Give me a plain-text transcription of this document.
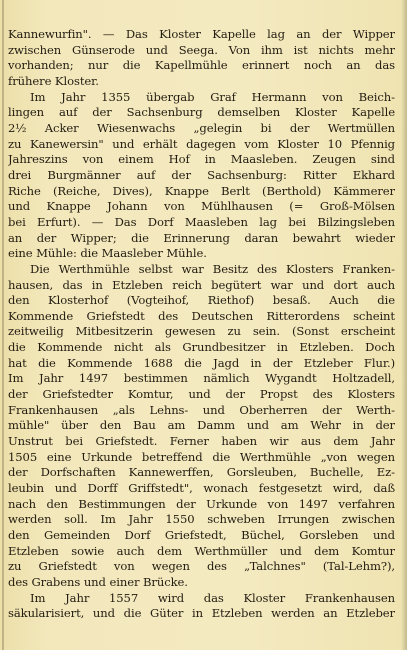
Kannewurfin". — Das Kloster Kapelle lag an der Wipper
zwischen Günserode und Seega. Von ihm ist nichts mehr
vorhanden; nur die Kapellmühle erinnert noch an das
frühere Kloster.
Im Jahr 1355 übergab Graf Hermann von Beich-
lingen auf der Sachsenburg demselben Kloster Kapelle
2½ Acker Wiesenwachs „gelegin bi der Wertmüllen
zu Kanewersin" und erhält dagegen vom Kloster 10 Pfennig
Jahreszins von einem Hof in Maasleben. Zeugen sind
drei Burgmänner auf der Sachsenburg: Ritter Ekhard
Riche (Reiche, Dives), Knappe Berlt (Berthold) Kämmerer
und Knappe Johann von Mühlhausen (= Groß-Mölsen
bei Erfurt). — Das Dorf Maasleben lag bei Bilzingsleben
an der Wipper; die Erinnerung daran bewahrt wieder
eine Mühle: die Maasleber Mühle.
Die Werthmühle selbst war Besitz des Klosters Franken-
hausen, das in Etzleben reich begütert war und dort auch
den Klosterhof (Vogteihof, Riethof) besaß. Auch die
Kommende Griefstedt des Deutschen Ritterordens scheint
zeitweilig Mitbesitzerin gewesen zu sein. (Sonst erscheint
die Kommende nicht als Grundbesitzer in Etzleben. Doch
hat die Kommende 1688 die Jagd in der Etzleber Flur.)
Im Jahr 1497 bestimmen nämlich Wygandt Holtzadell,
der Griefstedter Komtur, und der Propst des Klosters
Frankenhausen „als Lehns- und Oberherren der Werth-
mühle" über den Bau am Damm und am Wehr in der
Unstrut bei Griefstedt. Ferner haben wir aus dem Jahr
1505 eine Urkunde betreffend die Werthmühle „von wegen
der Dorfschaften Kannewerffen, Gorsleuben, Buchelle, Ez-
leubin und Dorff Griffstedt", wonach festgesetzt wird, daß
nach den Bestimmungen der Urkunde von 1497 verfahren
werden soll. Im Jahr 1550 schweben Irrungen zwischen
den Gemeinden Dorf Griefstedt, Büchel, Gorsleben und
Etzleben sowie auch dem Werthmüller und dem Komtur
zu Griefstedt von wegen des „Talchnes" (Tal-Lehm?),
des Grabens und einer Brücke.
Im Jahr 1557 wird das Kloster Frankenhausen
säkularisiert, und die Güter in Etzleben werden an Etzleber
